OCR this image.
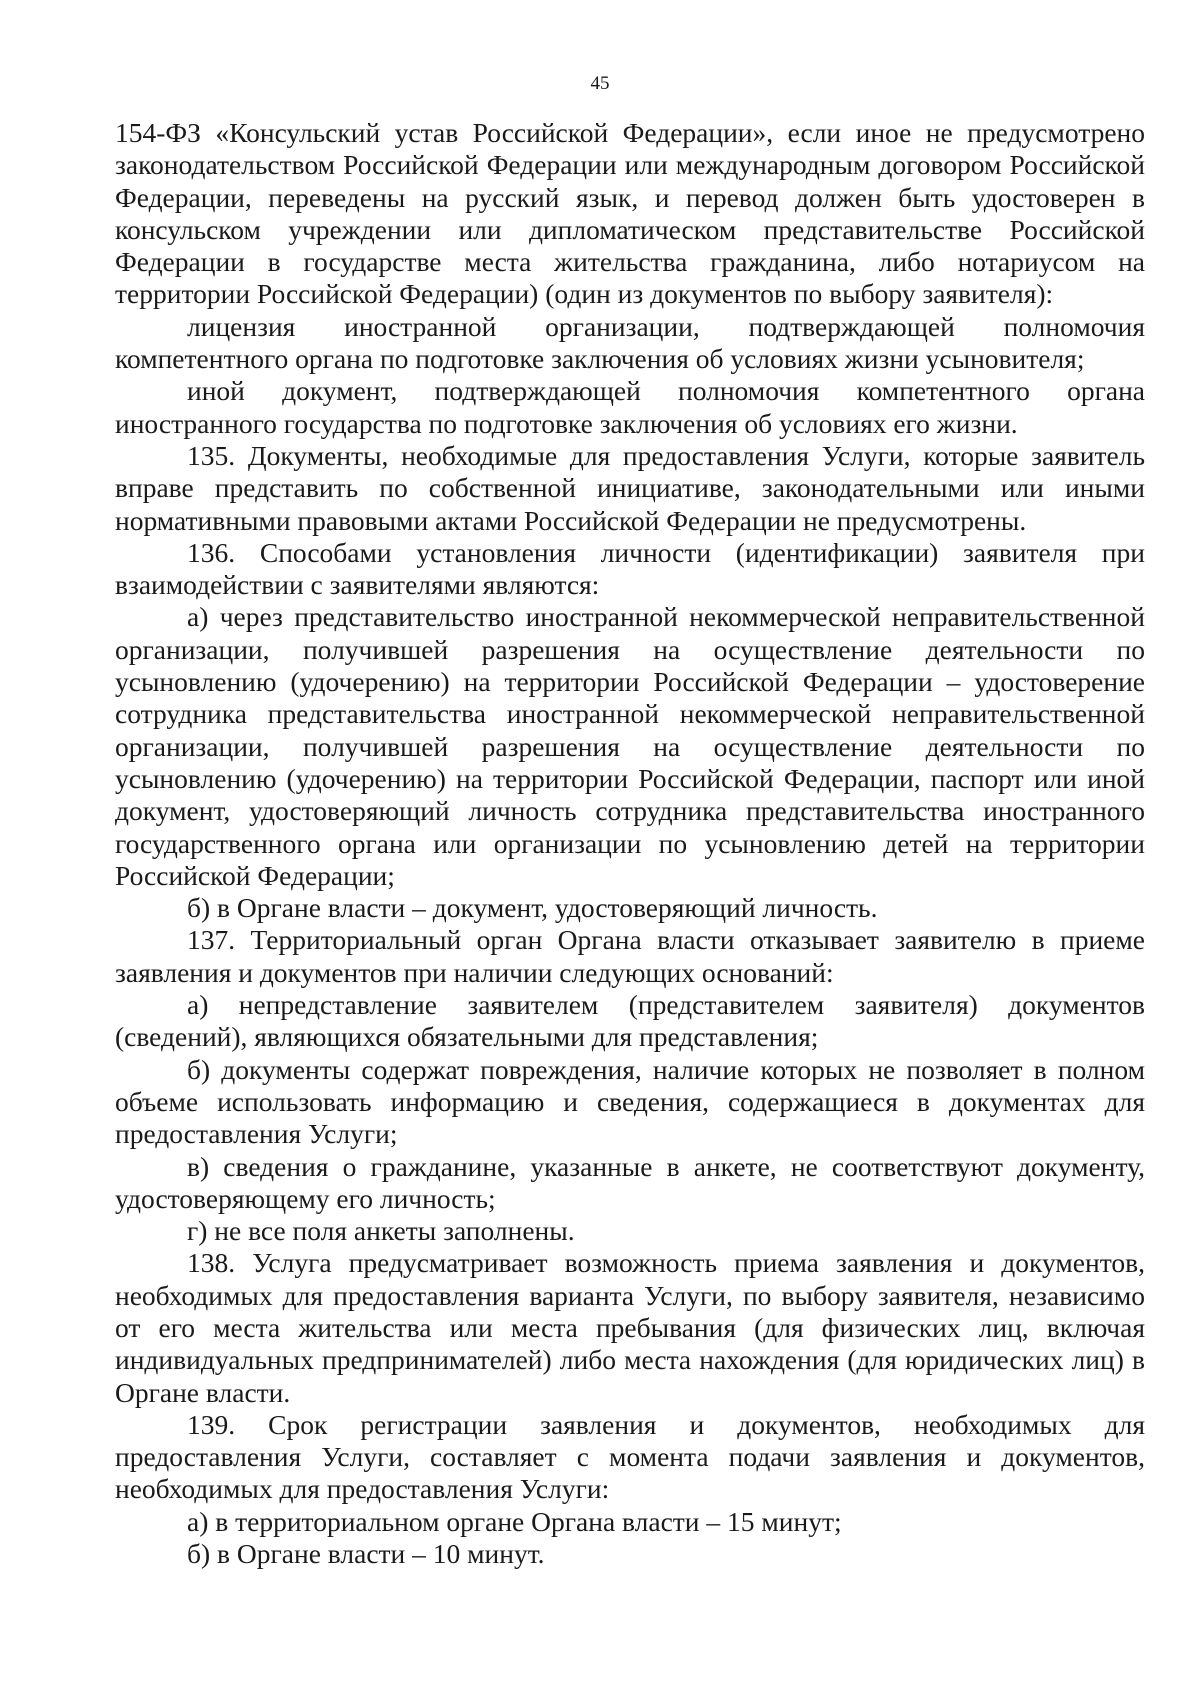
45

154-ФЗ «Консульский устав Российской Федерации», если иное не предусмотрено законодательством Российской Федерации или международным договором Российской Федерации, переведены на русский язык, и перевод должен быть удостоверен в консульском учреждении или дипломатическом представительстве Российской Федерации в государстве места жительства гражданина, либо нотариусом на территории Российской Федерации) (один из документов по выбору заявителя):

лицензия иностранной организации, подтверждающей полномочия компетентного органа по подготовке заключения об условиях жизни усыновителя;

иной документ, подтверждающей полномочия компетентного органа иностранного государства по подготовке заключения об условиях его жизни.

135. Документы, необходимые для предоставления Услуги, которые заявитель вправе представить по собственной инициативе, законодательными или иными нормативными правовыми актами Российской Федерации не предусмотрены.

136. Способами установления личности (идентификации) заявителя при взаимодействии с заявителями являются:

а) через представительство иностранной некоммерческой неправительственной организации, получившей разрешения на осуществление деятельности по усыновлению (удочерению) на территории Российской Федерации – удостоверение сотрудника представительства иностранной некоммерческой неправительственной организации, получившей разрешения на осуществление деятельности по усыновлению (удочерению) на территории Российской Федерации, паспорт или иной документ, удостоверяющий личность сотрудника представительства иностранного государственного органа или организации по усыновлению детей на территории Российской Федерации;

б) в Органе власти – документ, удостоверяющий личность.

137. Территориальный орган Органа власти отказывает заявителю в приеме заявления и документов при наличии следующих оснований:

а) непредставление заявителем (представителем заявителя) документов (сведений), являющихся обязательными для представления;

б) документы содержат повреждения, наличие которых не позволяет в полном объеме использовать информацию и сведения, содержащиеся в документах для предоставления Услуги;

в) сведения о гражданине, указанные в анкете, не соответствуют документу, удостоверяющему его личность;

г) не все поля анкеты заполнены.

138. Услуга предусматривает возможность приема заявления и документов, необходимых для предоставления варианта Услуги, по выбору заявителя, независимо от его места жительства или места пребывания (для физических лиц, включая индивидуальных предпринимателей) либо места нахождения (для юридических лиц) в Органе власти.

139. Срок регистрации заявления и документов, необходимых для предоставления Услуги, составляет с момента подачи заявления и документов, необходимых для предоставления Услуги:

а) в территориальном органе Органа власти – 15 минут;

б) в Органе власти – 10 минут.
